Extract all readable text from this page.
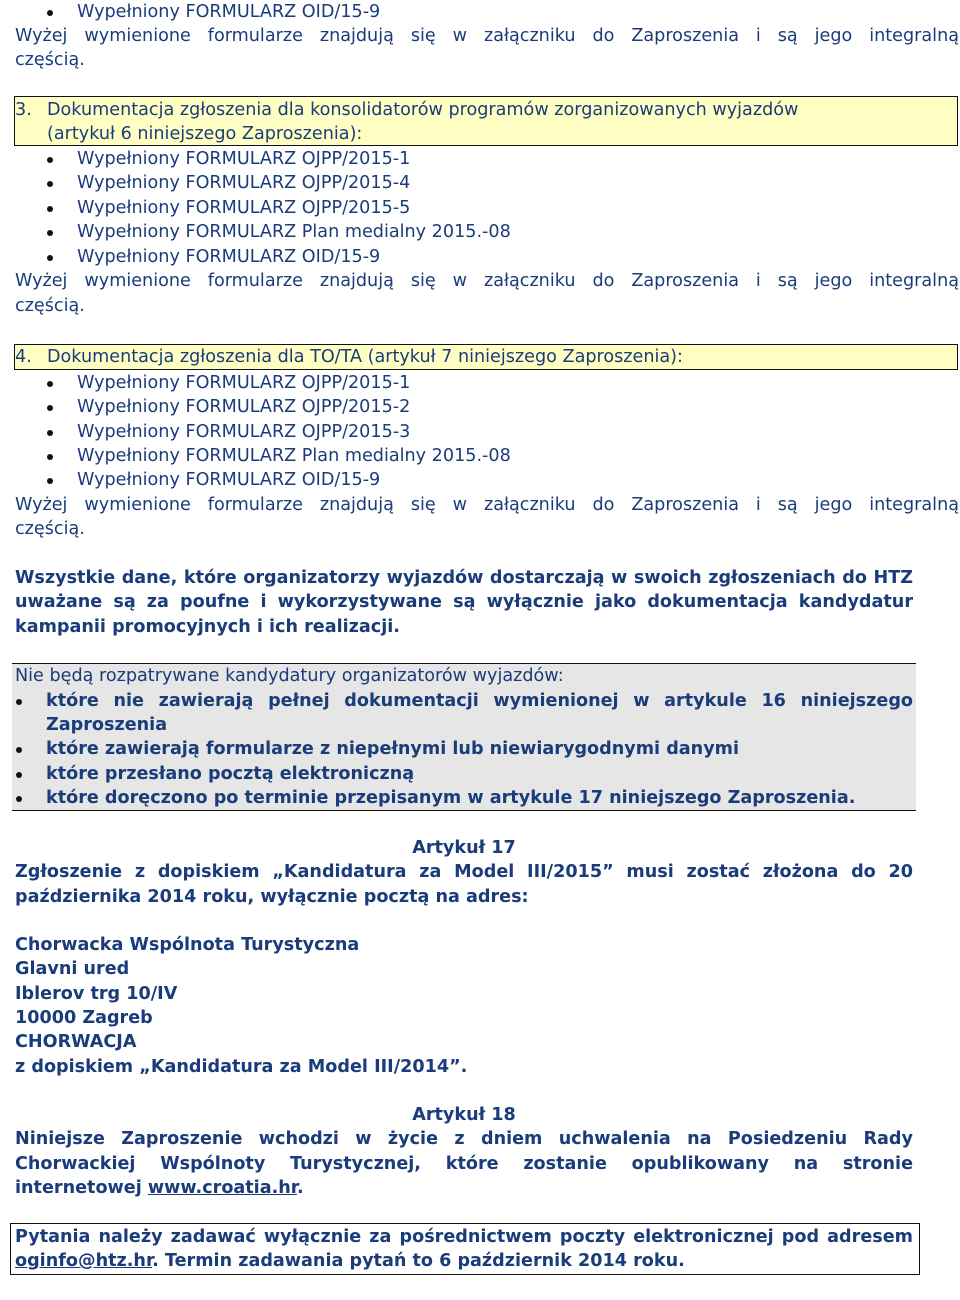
Wypełniony FORMULARZ OID/15-9
Wyżej wymienione formularze znajdują się w załączniku do Zaproszenia i są jego integralną
częścią.
3. Dokumentacja zgłoszenia dla konsolidatorów programów zorganizowanych wyjazdów
(artykuł 6 niniejszego Zaproszenia):
Wypełniony FORMULARZ OJPP/2015-1
Wypełniony FORMULARZ OJPP/2015-4
Wypełniony FORMULARZ OJPP/2015-5
Wypełniony FORMULARZ Plan medialny 2015.-08
Wypełniony FORMULARZ OID/15-9
Wyżej wymienione formularze znajdują się w załączniku do Zaproszenia i są jego integralną
częścią.
4. Dokumentacja zgłoszenia dla TO/TA (artykuł 7 niniejszego Zaproszenia):
Wypełniony FORMULARZ OJPP/2015-1
Wypełniony FORMULARZ OJPP/2015-2
Wypełniony FORMULARZ OJPP/2015-3
Wypełniony FORMULARZ Plan medialny 2015.-08
Wypełniony FORMULARZ OID/15-9
Wyżej wymienione formularze znajdują się w załączniku do Zaproszenia i są jego integralną
częścią.
Wszystkie dane, które organizatorzy wyjazdów dostarczają w swoich zgłoszeniach do HTZ
uważane są za poufne i wykorzystywane są wyłącznie jako dokumentacja kandydatur
kampanii promocyjnych i ich realizacji.
Nie będą rozpatrywane kandydatury organizatorów wyjazdów:
które nie zawierają pełnej dokumentacji wymienionej w artykule 16 niniejszego
Zaproszenia
które zawierają formularze z niepełnymi lub niewiarygodnymi danymi
które przesłano pocztą elektroniczną
które doręczono po terminie przepisanym w artykule 17 niniejszego Zaproszenia.
Artykuł 17
Zgłoszenie z dopiskiem „Kandidatura za Model III/2015” musi zostać złożona do 20
października 2014 roku, wyłącznie pocztą na adres:
Chorwacka Wspólnota Turystyczna
Glavni ured
Iblerov trg 10/IV
10000 Zagreb
CHORWACJA
z dopiskiem „Kandidatura za Model III/2014”.
Artykuł 18
Niniejsze Zaproszenie wchodzi w życie z dniem uchwalenia na Posiedzeniu Rady
Chorwackiej Wspólnoty Turystycznej, które zostanie opublikowany na stronie
internetowej www.croatia.hr.
Pytania należy zadawać wyłącznie za pośrednictwem poczty elektronicznej pod adresem
oginfo@htz.hr. Termin zadawania pytań to 6 październik 2014 roku.
